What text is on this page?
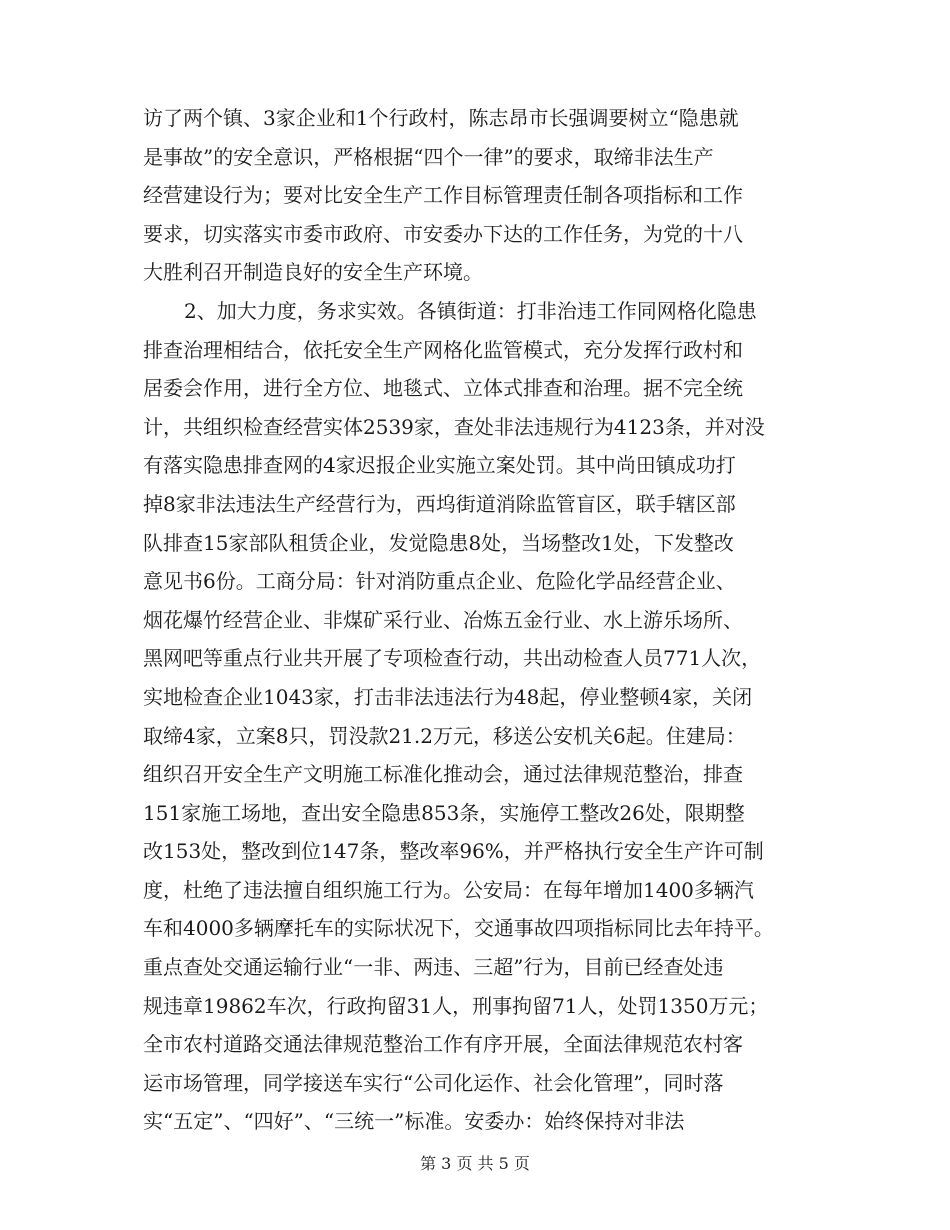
访了两个镇、3家企业和1个行政村，陈志昂市长强调要树立“隐患就
是事故”的安全意识，严格根据“四个一律”的要求，取缔非法生产
经营建设行为；要对比安全生产工作目标管理责任制各项指标和工作
要求，切实落实市委市政府、市安委办下达的工作任务，为党的十八
大胜利召开制造良好的安全生产环境。
2、加大力度，务求实效。各镇街道：打非治违工作同网格化隐患
排查治理相结合，依托安全生产网格化监管模式，充分发挥行政村和
居委会作用，进行全方位、地毯式、立体式排查和治理。据不完全统
计，共组织检查经营实体2539家，查处非法违规行为4123条，并对没
有落实隐患排查网的4家迟报企业实施立案处罚。其中尚田镇成功打
掉8家非法违法生产经营行为，西坞街道消除监管盲区，联手辖区部
队排查15家部队租赁企业，发觉隐患8处，当场整改1处，下发整改
意见书6份。工商分局：针对消防重点企业、危险化学品经营企业、
烟花爆竹经营企业、非煤矿采行业、冶炼五金行业、水上游乐场所、
黑网吧等重点行业共开展了专项检查行动，共出动检查人员771人次，
实地检查企业1043家，打击非法违法行为48起，停业整顿4家，关闭
取缔4家，立案8只，罚没款21.2万元，移送公安机关6起。住建局：
组织召开安全生产文明施工标准化推动会，通过法律规范整治，排查
151家施工场地，查出安全隐患853条，实施停工整改26处，限期整
改153处，整改到位147条，整改率96%，并严格执行安全生产许可制
度，杜绝了违法擅自组织施工行为。公安局：在每年增加1400多辆汽
车和4000多辆摩托车的实际状况下，交通事故四项指标同比去年持平。
重点查处交通运输行业“一非、两违、三超”行为，目前已经查处违
规违章19862车次，行政拘留31人，刑事拘留71人，处罚1350万元；
全市农村道路交通法律规范整治工作有序开展，全面法律规范农村客
运市场管理，同学接送车实行“公司化运作、社会化管理”，同时落
实“五定”、“四好”、“三统一”标准。安委办：始终保持对非法
第 3 页 共 5 页
